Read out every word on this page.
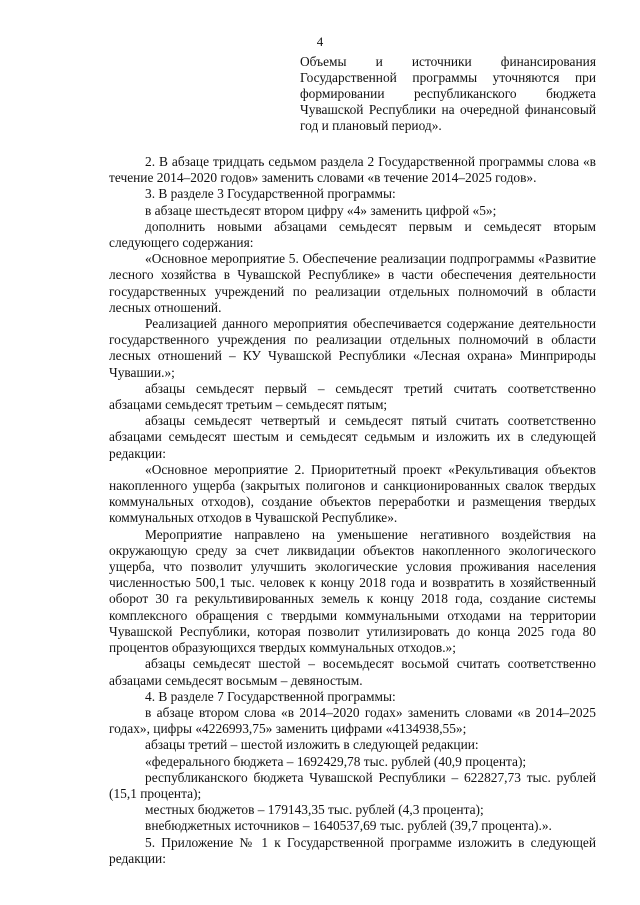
4
Объемы и источники финансирования Государственной программы уточняются при формировании республиканского бюджета Чувашской Республики на очередной финансовый год и плановый период».

2. В абзаце тридцать седьмом раздела 2 Государственной программы слова «в течение 2014–2020 годов» заменить словами «в течение 2014–2025 годов».

3. В разделе 3 Государственной программы:

в абзаце шестьдесят втором цифру «4» заменить цифрой «5»;

дополнить новыми абзацами семьдесят первым и семьдесят вторым следующего содержания:

«Основное мероприятие 5. Обеспечение реализации подпрограммы «Развитие лесного хозяйства в Чувашской Республике» в части обеспечения деятельности государственных учреждений по реализации отдельных полномочий в области лесных отношений.

Реализацией данного мероприятия обеспечивается содержание деятельности государственного учреждения по реализации отдельных полномочий в области лесных отношений – КУ Чувашской Республики «Лесная охрана» Минприроды Чувашии.»;

абзацы семьдесят первый – семьдесят третий считать соответственно абзацами семьдесят третьим – семьдесят пятым;

абзацы семьдесят четвертый и семьдесят пятый считать соответственно абзацами семьдесят шестым и семьдесят седьмым и изложить их в следующей редакции:

«Основное мероприятие 2. Приоритетный проект «Рекультивация объектов накопленного ущерба (закрытых полигонов и санкционированных свалок твердых коммунальных отходов), создание объектов переработки и размещения твердых коммунальных отходов в Чувашской Республике».

Мероприятие направлено на уменьшение негативного воздействия на окружающую среду за счет ликвидации объектов накопленного экологического ущерба, что позволит улучшить экологические условия проживания населения численностью 500,1 тыс. человек к концу 2018 года и возвратить в хозяйственный оборот 30 га рекультивированных земель к концу 2018 года, создание системы комплексного обращения с твердыми коммунальными отходами на территории Чувашской Республики, которая позволит утилизировать до конца 2025 года 80 процентов образующихся твердых коммунальных отходов.»;

абзацы семьдесят шестой – восемьдесят восьмой считать соответственно абзацами семьдесят восьмым – девяностым.

4. В разделе 7 Государственной программы:

в абзаце втором слова «в 2014–2020 годах» заменить словами «в 2014–2025 годах», цифры «4226993,75» заменить цифрами «4134938,55»;

абзацы третий – шестой изложить в следующей редакции:

«федерального бюджета – 1692429,78 тыс. рублей (40,9 процента);

республиканского бюджета Чувашской Республики – 622827,73 тыс. рублей (15,1 процента);

местных бюджетов – 179143,35 тыс. рублей (4,3 процента);

внебюджетных источников – 1640537,69 тыс. рублей (39,7 процента).».

5. Приложение № 1 к Государственной программе изложить в следующей редакции:
